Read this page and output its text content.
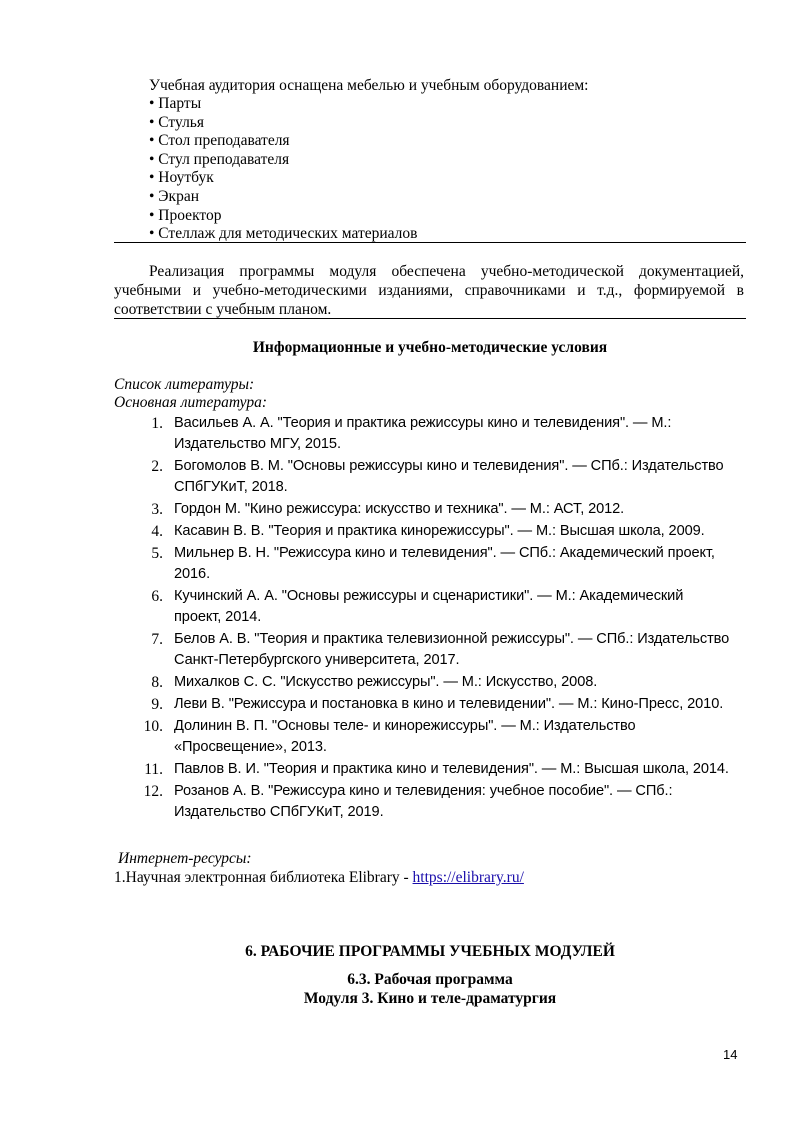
Учебная аудитория оснащена мебелью и учебным оборудованием:
• Парты
• Стулья
• Стол преподавателя
• Стул преподавателя
• Ноутбук
• Экран
• Проектор
• Стеллаж для методических материалов

Реализация программы модуля обеспечена учебно-методической документацией, учебными и учебно-методическими изданиями, справочниками и т.д., формируемой в соответствии с учебным планом.

Информационные и учебно-методические условия

Список литературы:
Основная литература:
1. Васильев А. А. "Теория и практика режиссуры кино и телевидения". — М.:
Издательство МГУ, 2015.
2. Богомолов В. М. "Основы режиссуры кино и телевидения". — СПб.: Издательство
СПбГУКиТ, 2018.
3. Гордон М. "Кино режиссура: искусство и техника". — М.: АСТ, 2012.
4. Касавин В. В. "Теория и практика кинорежиссуры". — М.: Высшая школа, 2009.
5. Мильнер В. Н. "Режиссура кино и телевидения". — СПб.: Академический проект,
2016.
6. Кучинский А. А. "Основы режиссуры и сценаристики". — М.: Академический
проект, 2014.
7. Белов А. В. "Теория и практика телевизионной режиссуры". — СПб.: Издательство
Санкт-Петербургского университета, 2017.
8. Михалков С. С. "Искусство режиссуры". — М.: Искусство, 2008.
9. Леви В. "Режиссура и постановка в кино и телевидении". — М.: Кино-Пресс, 2010.
10. Долинин В. П. "Основы теле- и кинорежиссуры". — М.: Издательство
«Просвещение», 2013.
11. Павлов В. И. "Теория и практика кино и телевидения". — М.: Высшая школа, 2014.
12. Розанов А. В. "Режиссура кино и телевидения: учебное пособие". — СПб.:
Издательство СПбГУКиТ, 2019.
Интернет-ресурсы:
1.Научная электронная библиотека Elibrary - https://elibrary.ru/

6. РАБОЧИЕ ПРОГРАММЫ УЧЕБНЫХ МОДУЛЕЙ

6.3. Рабочая программа

Модуля 3. Кино и теле-драматургия

14
